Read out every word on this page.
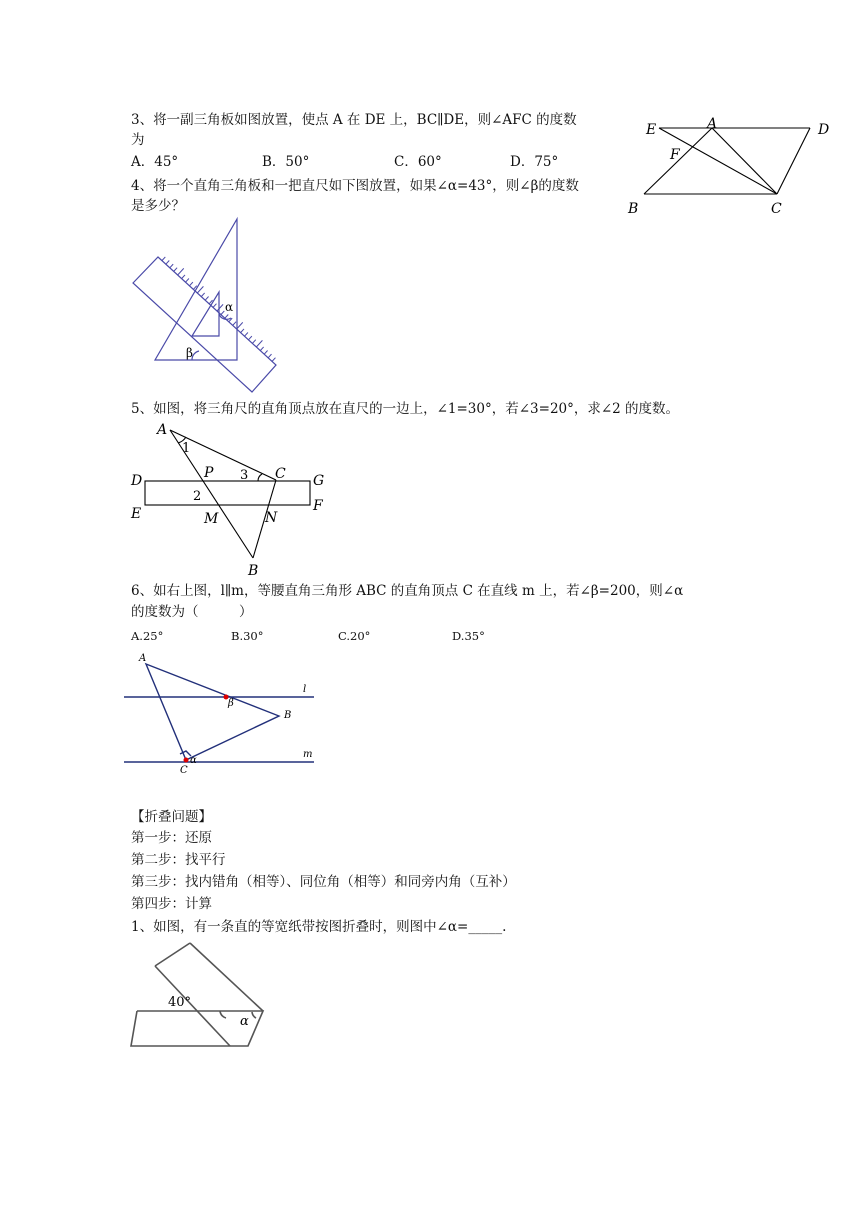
3、将一副三角板如图放置，使点 A 在 DE 上，BC∥DE，则∠AFC 的度数
为
A．45°	B．50°	C．60°	D．75°
E	A	D
F
B	C
4、将一个直角三角板和一把直尺如下图放置，如果∠α=43°，则∠β的度数
是多少？
α
β
5、如图，将三角尺的直角顶点放在直尺的一边上，∠1=30°，若∠3=20°，求∠2 的度数。
A
1
P 3 C G
D
2
E	M	N
F
B
6、如右上图，l∥m，等腰直角三角形 ABC 的直角顶点 C 在直线 m 上，若∠β=200，则∠α
的度数为（　　　）
A.25°	B.30°	C.20°	D.35°
A
l
β
B
m
C
α
【折叠问题】
第一步：还原
第二步：找平行
第三步：找内错角（相等）、同位角（相等）和同旁内角（互补）
第四步：计算
1、如图，有一条直的等宽纸带按图折叠时，则图中∠α=_____.
40°
α
